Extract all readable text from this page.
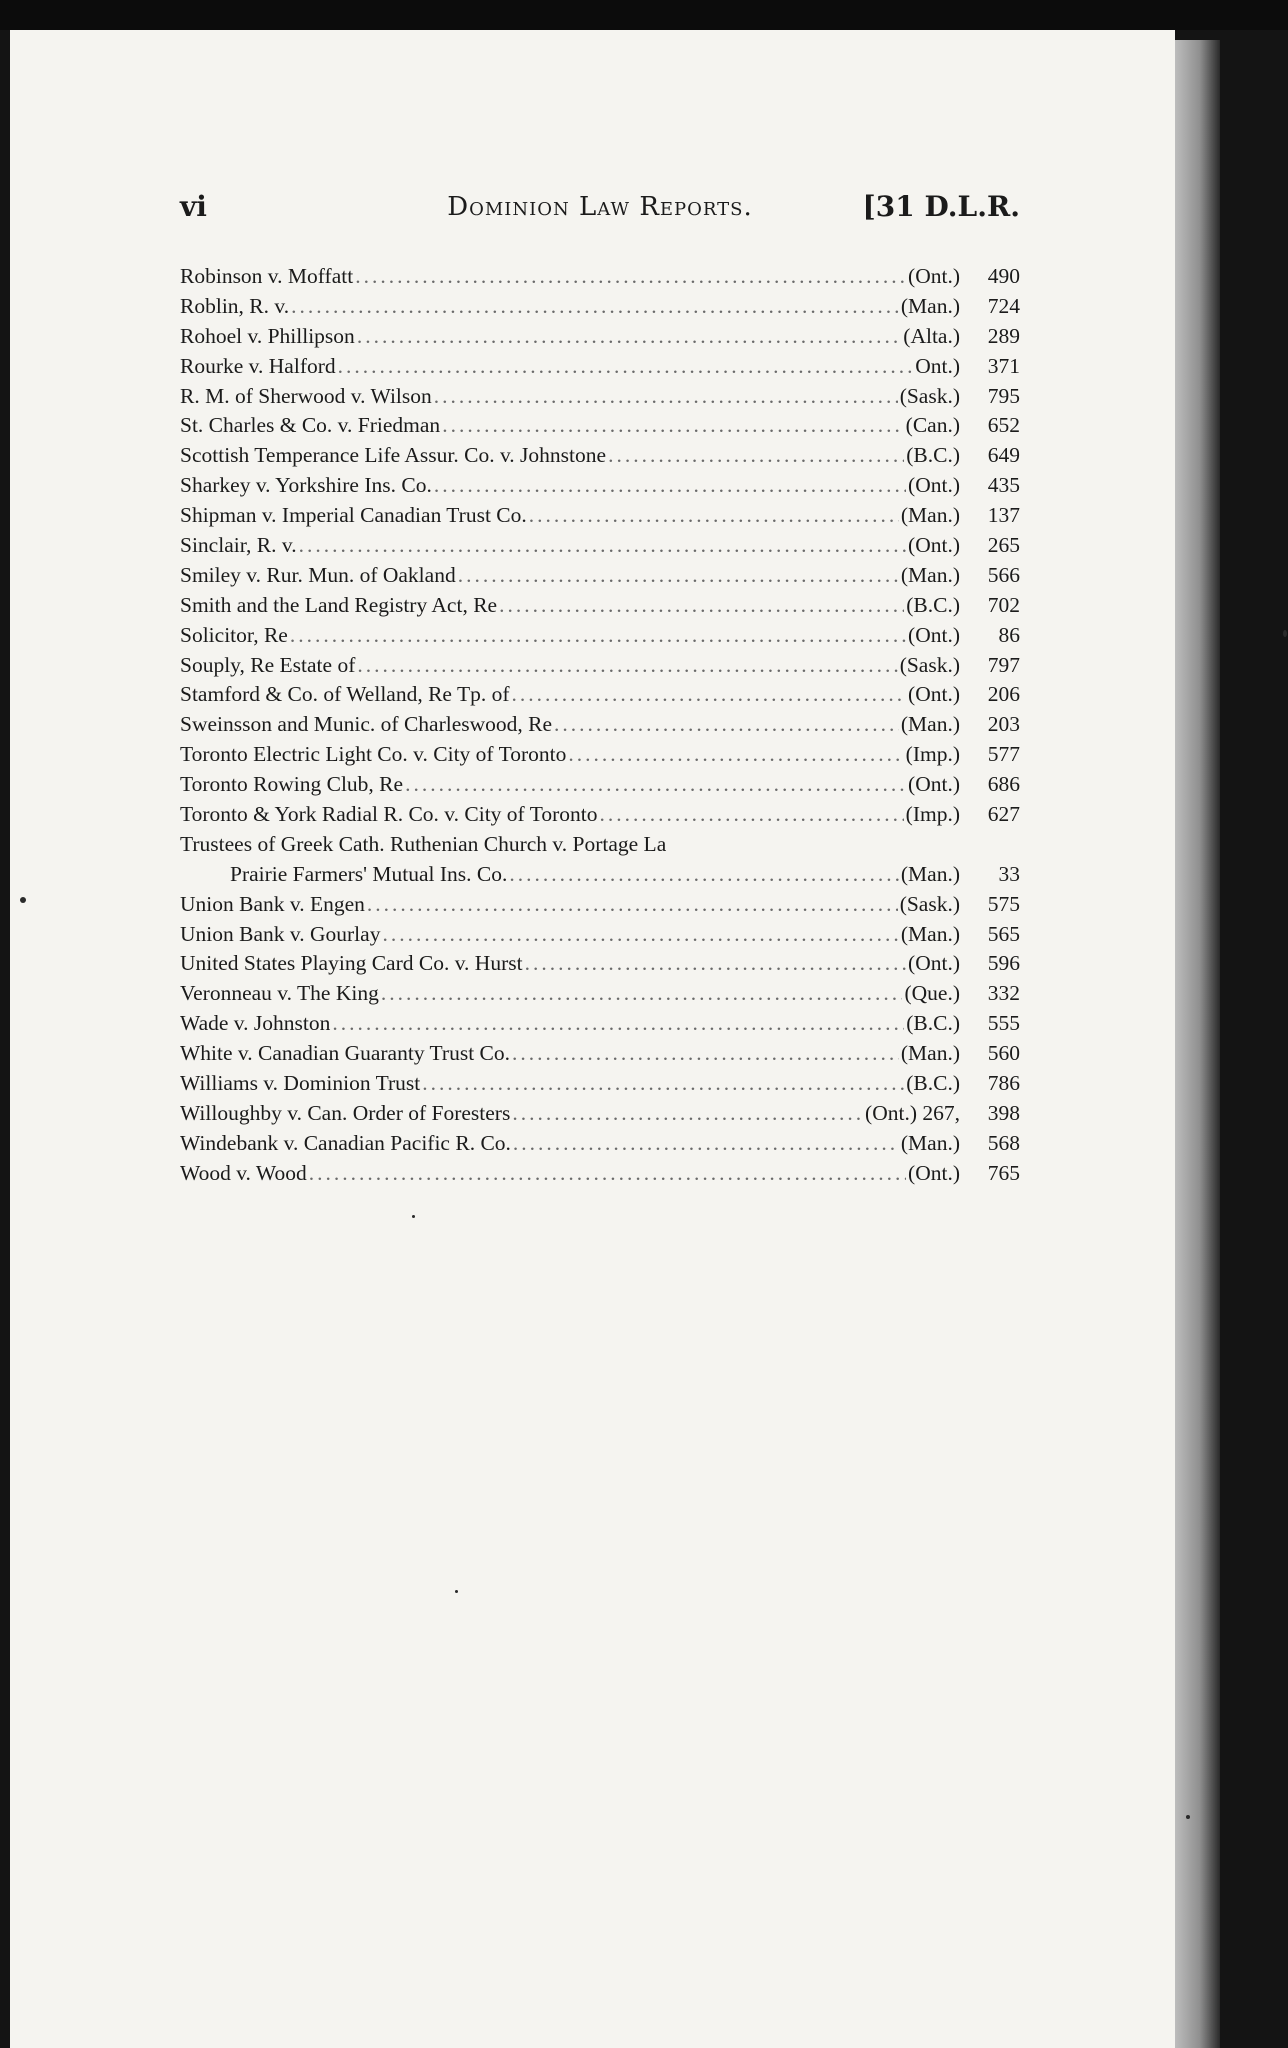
vi	Dominion Law Reports.	[31 D.L.R.
Robinson v. Moffatt .....	(Ont.)	490
Roblin, R. v. .....	(Man.)	724
Rohoel v. Phillipson .....	(Alta.)	289
Rourke v. Halford .....	Ont.)	371
R. M. of Sherwood v. Wilson .....	(Sask.)	795
St. Charles & Co. v. Friedman .....	(Can.)	652
Scottish Temperance Life Assur. Co. v. Johnstone .....	(B.C.)	649
Sharkey v. Yorkshire Ins. Co. .....	(Ont.)	435
Shipman v. Imperial Canadian Trust Co. .....	(Man.)	137
Sinclair, R. v. .....	(Ont.)	265
Smiley v. Rur. Mun. of Oakland .....	(Man.)	566
Smith and the Land Registry Act, Re .....	(B.C.)	702
Solicitor, Re .....	(Ont.)	86
Souply, Re Estate of .....	(Sask.)	797
Stamford & Co. of Welland, Re Tp. of .....	(Ont.)	206
Sweinsson and Munic. of Charleswood, Re .....	(Man.)	203
Toronto Electric Light Co. v. City of Toronto .....	(Imp.)	577
Toronto Rowing Club, Re .....	(Ont.)	686
Toronto & York Radial R. Co. v. City of Toronto .....	(Imp.)	627
Trustees of Greek Cath. Ruthenian Church v. Portage La
Prairie Farmers' Mutual Ins. Co. .....	(Man.)	33
Union Bank v. Engen .....	(Sask.)	575
Union Bank v. Gourlay .....	(Man.)	565
United States Playing Card Co. v. Hurst .....	(Ont.)	596
Veronneau v. The King .....	(Que.)	332
Wade v. Johnston .....	(B.C.)	555
White v. Canadian Guaranty Trust Co. .....	(Man.)	560
Williams v. Dominion Trust .....	(B.C.)	786
Willoughby v. Can. Order of Foresters .....	(Ont.) 267,	398
Windebank v. Canadian Pacific R. Co. .....	(Man.)	568
Wood v. Wood .....	(Ont.)	765
